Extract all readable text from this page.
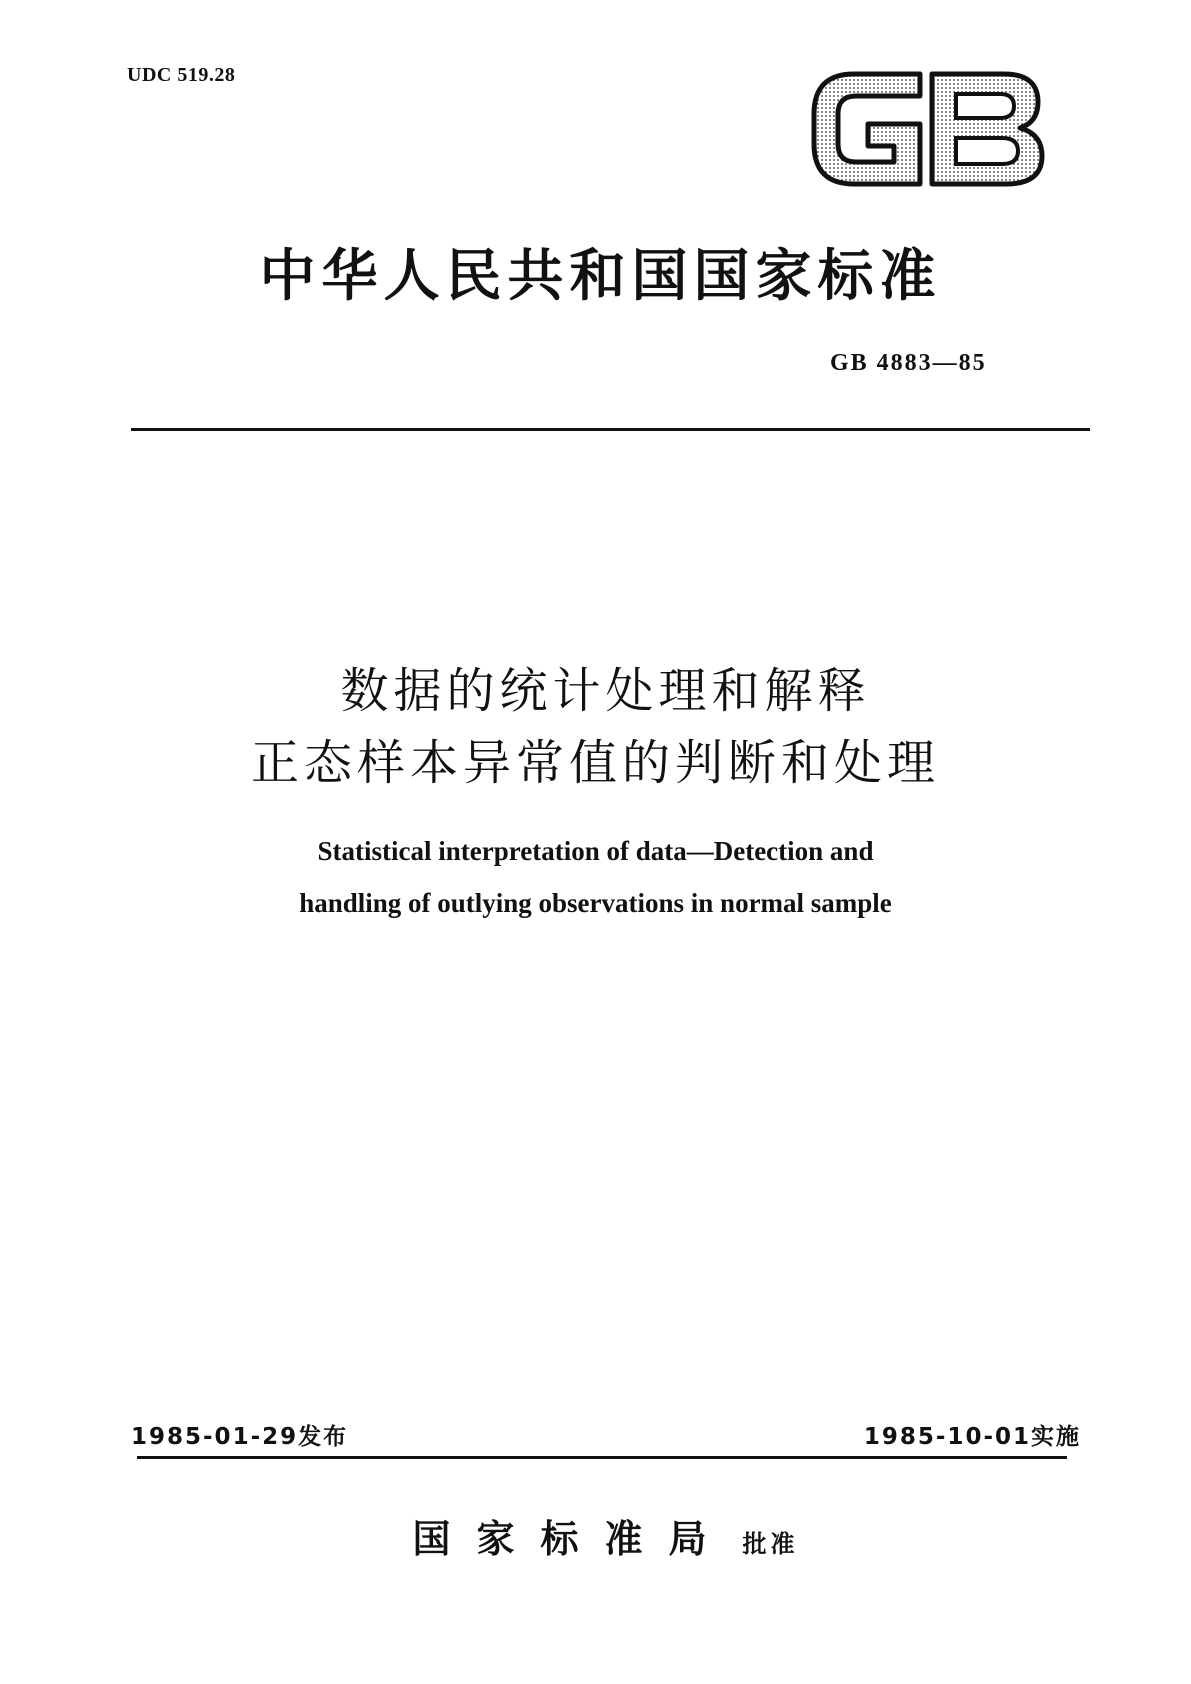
UDC 519.28
中华人民共和国国家标准
GB 4883—85
数据的统计处理和解释
正态样本异常值的判断和处理
Statistical interpretation of data—Detection and
handling of outlying observations in normal sample
1985-01-29发布	1985-10-01实施
国家标准局 批准
